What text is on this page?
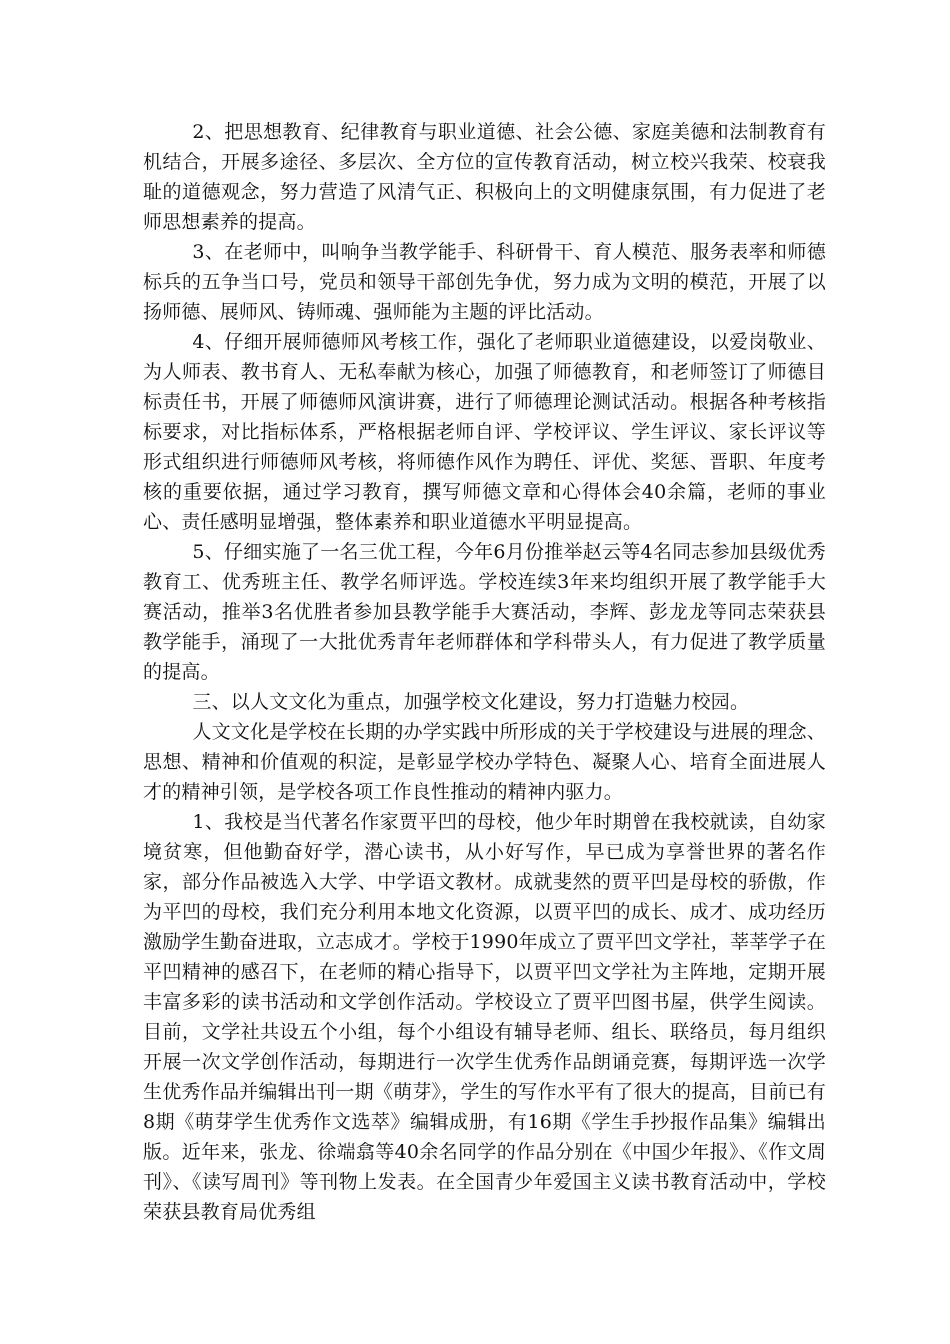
2、把思想教育、纪律教育与职业道德、社会公德、家庭美德和法制教育有机结合，开展多途径、多层次、全方位的宣传教育活动，树立校兴我荣、校衰我耻的道德观念，努力营造了风清气正、积极向上的文明健康氛围，有力促进了老师思想素养的提高。

3、在老师中，叫响争当教学能手、科研骨干、育人模范、服务表率和师德标兵的五争当口号，党员和领导干部创先争优，努力成为文明的模范，开展了以扬师德、展师风、铸师魂、强师能为主题的评比活动。

4、仔细开展师德师风考核工作，强化了老师职业道德建设，以爱岗敬业、为人师表、教书育人、无私奉献为核心，加强了师德教育，和老师签订了师德目标责任书，开展了师德师风演讲赛，进行了师德理论测试活动。根据各种考核指标要求，对比指标体系，严格根据老师自评、学校评议、学生评议、家长评议等形式组织进行师德师风考核，将师德作风作为聘任、评优、奖惩、晋职、年度考核的重要依据，通过学习教育，撰写师德文章和心得体会40余篇，老师的事业心、责任感明显增强，整体素养和职业道德水平明显提高。

5、仔细实施了一名三优工程，今年6月份推举赵云等4名同志参加县级优秀教育工、优秀班主任、教学名师评选。学校连续3年来均组织开展了教学能手大赛活动，推举3名优胜者参加县教学能手大赛活动，李辉、彭龙龙等同志荣获县教学能手，涌现了一大批优秀青年老师群体和学科带头人，有力促进了教学质量的提高。

三、以人文文化为重点，加强学校文化建设，努力打造魅力校园。

人文文化是学校在长期的办学实践中所形成的关于学校建设与进展的理念、思想、精神和价值观的积淀，是彰显学校办学特色、凝聚人心、培育全面进展人才的精神引领，是学校各项工作良性推动的精神内驱力。

1、我校是当代著名作家贾平凹的母校，他少年时期曾在我校就读，自幼家境贫寒，但他勤奋好学，潜心读书，从小好写作，早已成为享誉世界的著名作家，部分作品被选入大学、中学语文教材。成就斐然的贾平凹是母校的骄傲，作为平凹的母校，我们充分利用本地文化资源，以贾平凹的成长、成才、成功经历激励学生勤奋进取，立志成才。学校于1990年成立了贾平凹文学社，莘莘学子在平凹精神的感召下，在老师的精心指导下，以贾平凹文学社为主阵地，定期开展丰富多彩的读书活动和文学创作活动。学校设立了贾平凹图书屋，供学生阅读。目前，文学社共设五个小组，每个小组设有辅导老师、组长、联络员，每月组织开展一次文学创作活动，每期进行一次学生优秀作品朗诵竞赛，每期评选一次学生优秀作品并编辑出刊一期《萌芽》，学生的写作水平有了很大的提高，目前已有8期《萌芽学生优秀作文选萃》编辑成册，有16期《学生手抄报作品集》编辑出版。近年来，张龙、徐端翕等40余名同学的作品分别在《中国少年报》、《作文周刊》、《读写周刊》等刊物上发表。在全国青少年爱国主义读书教育活动中，学校荣获县教育局优秀组
